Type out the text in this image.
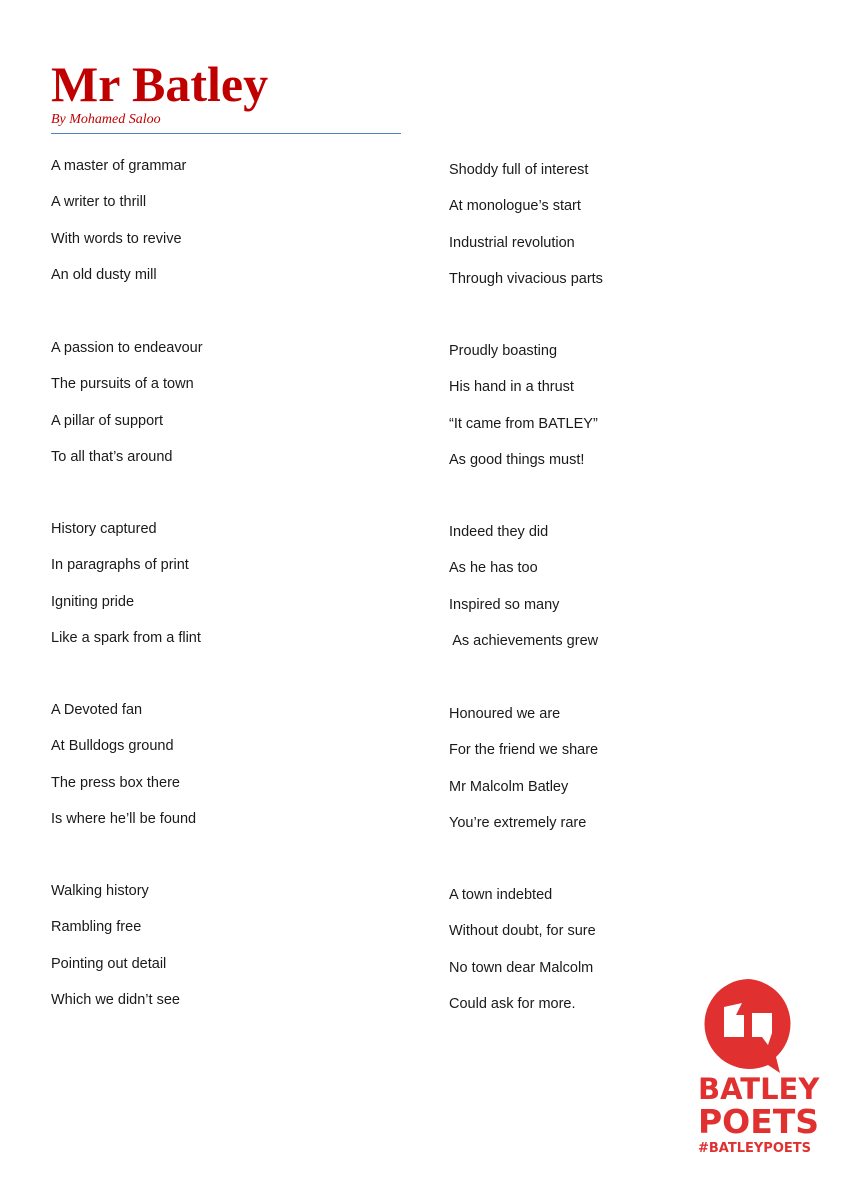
Mr Batley
By Mohamed Saloo
A master of grammar
A writer to thrill
With words to revive
An old dusty mill
A passion to endeavour
The pursuits of a town
A pillar of support
To all that’s around
History captured
In paragraphs of print
Igniting pride
Like a spark from a flint
A Devoted fan
At Bulldogs ground
The press box there
Is where he’ll be found
Walking history
Rambling free
Pointing out detail
Which we didn’t see
Shoddy full of interest
At monologue’s start
Industrial revolution
Through vivacious parts
Proudly boasting
His hand in a thrust
“It came from BATLEY”
As good things must!
Indeed they did
As he has too
Inspired so many
As achievements grew
Honoured we are
For the friend we share
Mr Malcolm Batley
You’re extremely rare
A town indebted
Without doubt, for sure
No town dear Malcolm
Could ask for more.
BATLEY
POETS
#BATLEYPOETS
